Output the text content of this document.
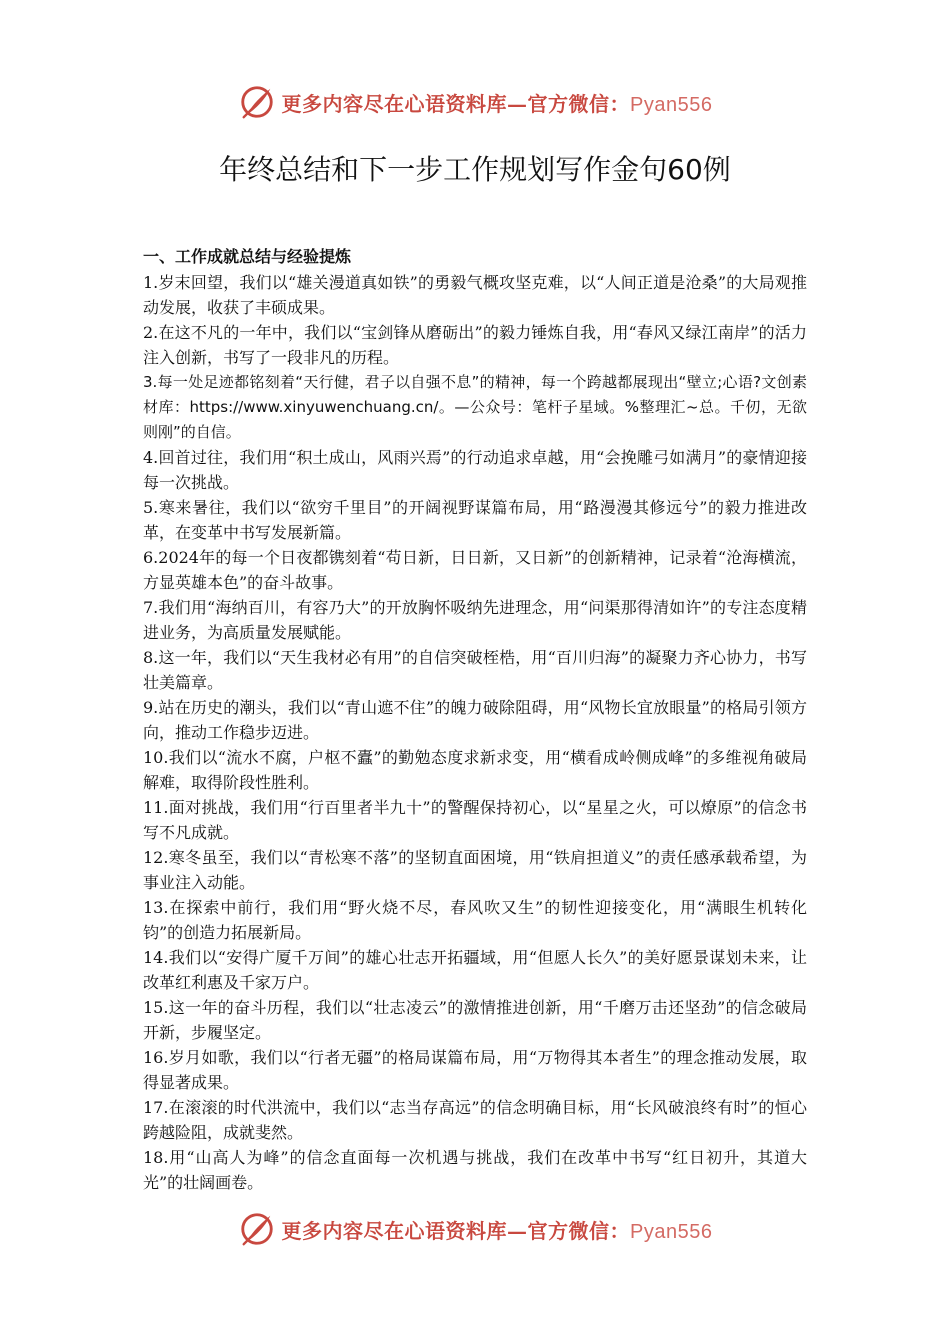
更多内容尽在心语资料库—官方微信：Pyan556
年终总结和下一步工作规划写作金句60例
一、工作成就总结与经验提炼

1.岁末回望，我们以“雄关漫道真如铁”的勇毅气概攻坚克难，以“人间正道是沧桑”的大局观推动发展，收获了丰硕成果。

2.在这不凡的一年中，我们以“宝剑锋从磨砺出”的毅力锤炼自我，用“春风又绿江南岸”的活力注入创新，书写了一段非凡的历程。

3.每一处足迹都铭刻着“天行健，君子以自强不息”的精神，每一个跨越都展现出“壁立;心语?文创素材库：https://www.xinyuwenchuang.cn/。—公众号：笔杆子星域。%整理汇~总。千仞，无欲则刚”的自信。

4.回首过往，我们用“积土成山，风雨兴焉”的行动追求卓越，用“会挽雕弓如满月”的豪情迎接每一次挑战。

5.寒来暑往，我们以“欲穷千里目”的开阔视野谋篇布局，用“路漫漫其修远兮”的毅力推进改革，在变革中书写发展新篇。

6.2024年的每一个日夜都镌刻着“苟日新，日日新，又日新”的创新精神，记录着“沧海横流，方显英雄本色”的奋斗故事。

7.我们用“海纳百川，有容乃大”的开放胸怀吸纳先进理念，用“问渠那得清如许”的专注态度精进业务，为高质量发展赋能。

8.这一年，我们以“天生我材必有用”的自信突破桎梏，用“百川归海”的凝聚力齐心协力，书写壮美篇章。

9.站在历史的潮头，我们以“青山遮不住”的魄力破除阻碍，用“风物长宜放眼量”的格局引领方向，推动工作稳步迈进。

10.我们以“流水不腐，户枢不蠹”的勤勉态度求新求变，用“横看成岭侧成峰”的多维视角破局解难，取得阶段性胜利。

11.面对挑战，我们用“行百里者半九十”的警醒保持初心，以“星星之火，可以燎原”的信念书写不凡成就。

12.寒冬虽至，我们以“青松寒不落”的坚韧直面困境，用“铁肩担道义”的责任感承载希望，为事业注入动能。

13.在探索中前行，我们用“野火烧不尽，春风吹又生”的韧性迎接变化，用“满眼生机转化钧”的创造力拓展新局。

14.我们以“安得广厦千万间”的雄心壮志开拓疆域，用“但愿人长久”的美好愿景谋划未来，让改革红利惠及千家万户。

15.这一年的奋斗历程，我们以“壮志凌云”的激情推进创新，用“千磨万击还坚劲”的信念破局开新，步履坚定。

16.岁月如歌，我们以“行者无疆”的格局谋篇布局，用“万物得其本者生”的理念推动发展，取得显著成果。

17.在滚滚的时代洪流中，我们以“志当存高远”的信念明确目标，用“长风破浪终有时”的恒心跨越险阻，成就斐然。

18.用“山高人为峰”的信念直面每一次机遇与挑战，我们在改革中书写“红日初升，其道大光”的壮阔画卷。

更多内容尽在心语资料库—官方微信：Pyan556
